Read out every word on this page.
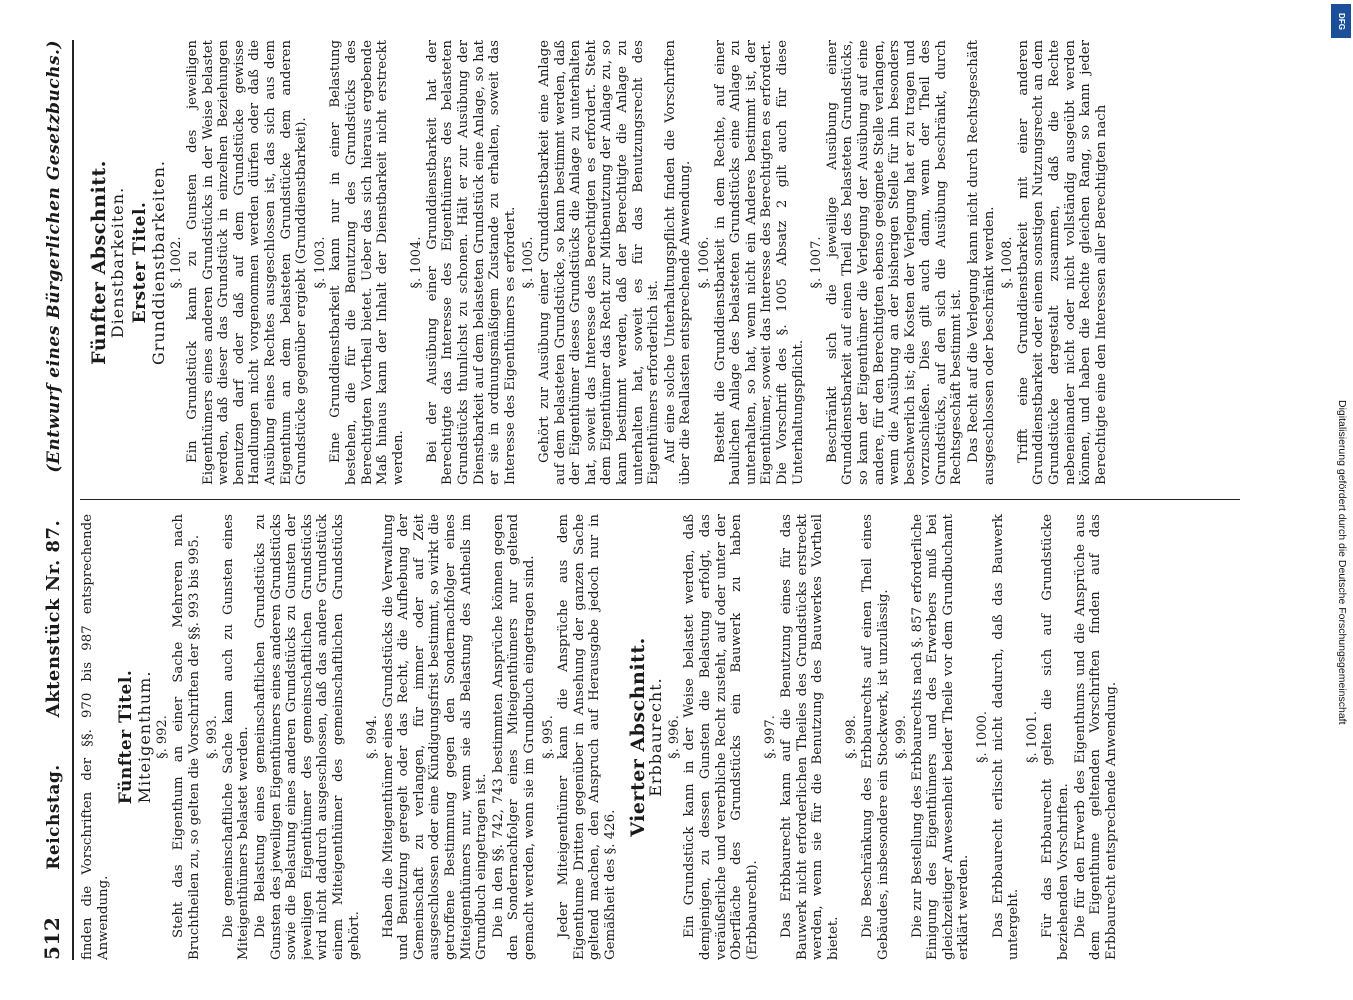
512
Reichstag.
Aktenstück Nr. 87.
(Entwurf eines Bürgerlichen Gesetzbuchs.)

finden die Vorschriften der §§. 970 bis 987 entsprechende Anwendung.

Fünfter Titel.
Miteigenthum. §. 992. Steht das Eigenthum an einer Sache Mehreren nach Bruchtheilen zu, so gelten die Vorschriften der §§. 993 bis 995. §. 993. Die gemeinschaftliche Sache kann auch zu Gunsten eines Miteigenthümers belastet werden. Die Belastung eines gemeinschaftlichen Grundstücks zu Gunsten des jeweiligen Eigenthümers eines anderen Grundstücks sowie die Belastung eines anderen Grundstücks zu Gunsten der jeweiligen Eigenthümer des gemeinschaftlichen Grundstücks wird nicht dadurch ausgeschlossen, daß das andere Grundstück einem Miteigenthümer des gemeinschaftlichen Grundstücks gehört.

§. 994. Haben die Miteigenthümer eines Grundstücks die Verwaltung und Benutzung geregelt oder das Recht, die Aufhebung der Gemeinschaft zu verlangen, für immer oder auf Zeit ausgeschlossen oder eine Kündigungsfrist bestimmt, so wirkt die getroffene Bestimmung gegen den Sondernachfolger eines Miteigenthümers nur, wenn sie als Belastung des Antheils im Grundbuch eingetragen ist. Die in den §§. 742, 743 bestimmten Ansprüche können gegen den Sondernachfolger eines Miteigenthümers nur geltend gemacht werden, wenn sie im Grundbuch eingetragen sind. §. 995. Jeder Miteigenthümer kann die Ansprüche aus dem Eigenthume Dritten gegenüber in Ansehung der ganzen Sache geltend machen, den Anspruch auf Herausgabe jedoch nur in Gemäßheit des §. 426.

Vierter Abschnitt.
Erbbaurecht. §. 996. Ein Grundstück kann in der Weise belastet werden, daß demjenigen, zu dessen Gunsten die Belastung erfolgt, das veräußerliche und vererbliche Recht zusteht, auf oder unter der Oberfläche des Grundstücks ein Bauwerk zu haben (Erbbaurecht).

§. 997. Das Erbbaurecht kann auf die Benutzung eines für das Bauwerk nicht erforderlichen Theiles des Grundstücks erstreckt werden, wenn sie für die Benutzung des Bauwerkes Vortheil bietet.

§. 998. Die Beschränkung des Erbbaurechts auf einen Theil eines Gebäudes, insbesondere ein Stockwerk, ist unzulässig. §. 999. Die zur Bestellung des Erbbaurechts nach §. 857 erforderliche Einigung des Eigenthümers und des Erwerbers muß bei gleichzeitiger Anwesenheit beider Theile vor dem Grundbuchamt erklärt werden.

§. 1000. Das Erbbaurecht erlischt nicht dadurch, daß das Bauwerk untergeht.

§. 1001. Für das Erbbaurecht gelten die sich auf Grundstücke beziehenden Vorschriften. Die für den Erwerb des Eigenthums und die Ansprüche aus dem Eigenthume geltenden Vorschriften finden auf das Erbbaurecht entsprechende Anwendung.

Fünfter Abschnitt.
Dienstbarkeiten. Erster Titel.
Grunddienstbarkeiten. §. 1002. Ein Grundstück kann zu Gunsten des jeweiligen Eigenthümers eines anderen Grundstücks in der Weise belastet werden, daß dieser das Grundstück in einzelnen Beziehungen benutzen darf oder daß auf dem Grundstücke gewisse Handlungen nicht vorgenommen werden dürfen oder daß die Ausübung eines Rechtes ausgeschlossen ist, das sich aus dem Eigenthum an dem belasteten Grundstücke dem anderen Grundstücke gegenüber ergiebt (Grunddienstbarkeit). §. 1003. Eine Grunddienstbarkeit kann nur in einer Belastung bestehen, die für die Benutzung des Grundstücks des Berechtigten Vortheil bietet. Ueber das sich hieraus ergebende Maß hinaus kann der Inhalt der Dienstbarkeit nicht erstreckt werden.

§. 1004. Bei der Ausübung einer Grunddienstbarkeit hat der Berechtigte das Interesse des Eigenthümers des belasteten Grundstücks thunlichst zu schonen. Hält er zur Ausübung der Dienstbarkeit auf dem belasteten Grundstück eine Anlage, so hat er sie in ordnungsmäßigem Zustande zu erhalten, soweit das Interesse des Eigenthümers es erfordert. §. 1005. Gehört zur Ausübung einer Grunddienstbarkeit eine Anlage auf dem belasteten Grundstücke, so kann bestimmt werden, daß der Eigenthümer dieses Grundstücks die Anlage zu unterhalten hat, soweit das Interesse des Berechtigten es erfordert. Steht dem Eigenthümer das Recht zur Mitbenutzung der Anlage zu, so kann bestimmt werden, daß der Berechtigte die Anlage zu unterhalten hat, soweit es für das Benutzungsrecht des Eigenthümers erforderlich ist. Auf eine solche Unterhaltungspflicht finden die Vorschriften über die Reallasten entsprechende Anwendung. §. 1006. Besteht die Grunddienstbarkeit in dem Rechte, auf einer baulichen Anlage des belasteten Grundstücks eine Anlage zu unterhalten, so hat, wenn nicht ein Anderes bestimmt ist, der Eigenthümer, soweit das Interesse des Berechtigten es erfordert. Die Vorschrift des §. 1005 Absatz 2 gilt auch für diese Unterhaltungspflicht.

§. 1007. Beschränkt sich die jeweilige Ausübung einer Grunddienstbarkeit auf einen Theil des belasteten Grundstücks, so kann der Eigenthümer die Verlegung der Ausübung auf eine andere, für den Berechtigten ebenso geeignete Stelle verlangen, wenn die Ausübung an der bisherigen Stelle für ihn besonders beschwerlich ist; die Kosten der Verlegung hat er zu tragen und vorzuschießen. Dies gilt auch dann, wenn der Theil des Grundstücks, auf den sich die Ausübung beschränkt, durch Rechtsgeschäft bestimmt ist. Das Recht auf die Verlegung kann nicht durch Rechtsgeschäft ausgeschlossen oder beschränkt werden. §. 1008. Trifft eine Grunddienstbarkeit mit einer anderen Grunddienstbarkeit oder einem sonstigen Nutzungsrecht an dem Grundstücke dergestalt zusammen, daß die Rechte nebeneinander nicht oder nicht vollständig ausgeübt werden können, und haben die Rechte gleichen Rang, so kann jeder Berechtigte eine den Interessen aller Berechtigten nach

DFG
Digitalisierung gefördert durch die Deutsche Forschungsgemeinschaft
